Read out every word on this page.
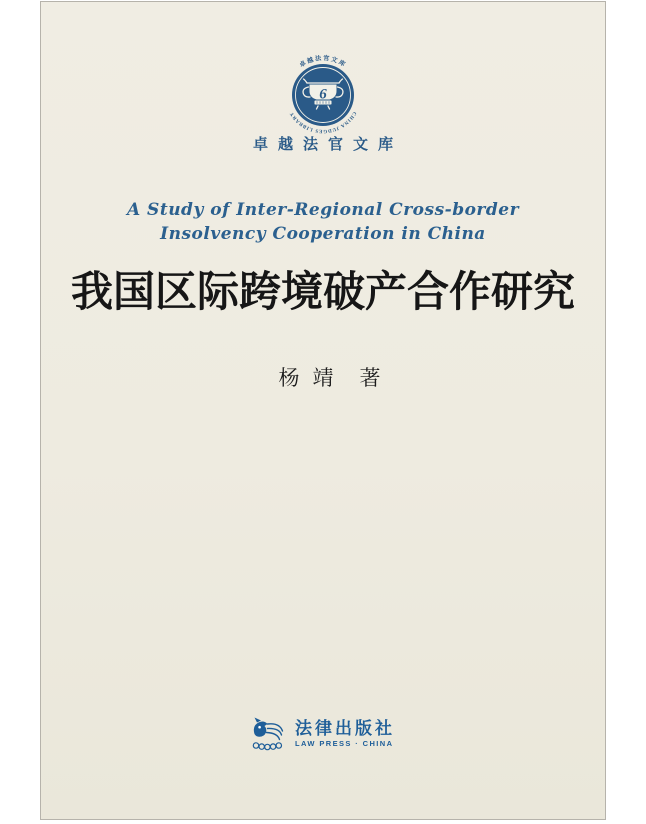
6
卓越法官文库
CHINA JUDGES LIBRARY
卓越法官文库
A Study of Inter-Regional Cross-border
Insolvency Cooperation in China
我国区际跨境破产合作研究
杨靖 著
法律出版社
LAW PRESS · CHINA
